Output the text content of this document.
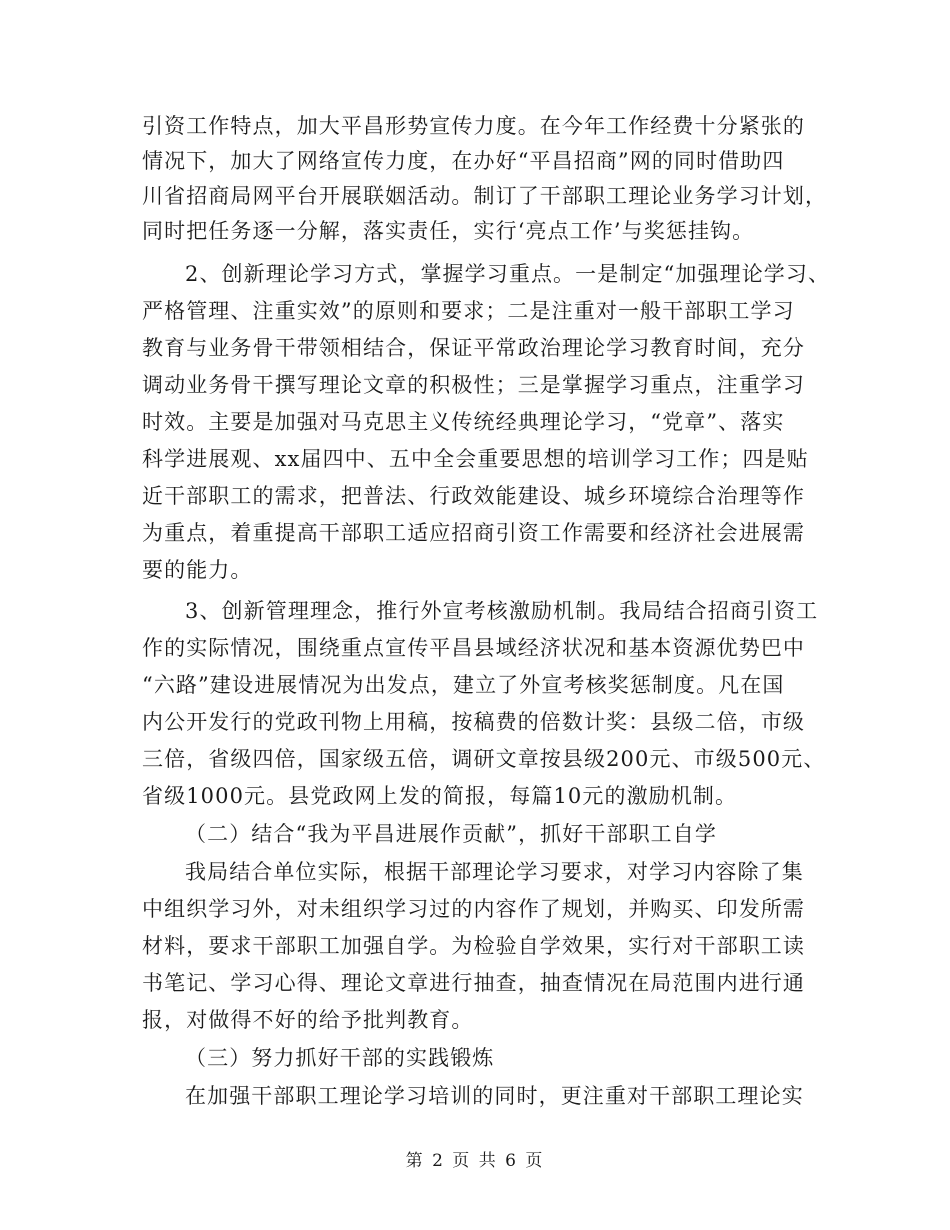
引资工作特点，加大平昌形势宣传力度。在今年工作经费十分紧张的
情况下，加大了网络宣传力度，在办好“平昌招商”网的同时借助四
川省招商局网平台开展联姻活动。制订了干部职工理论业务学习计划，
同时把任务逐一分解，落实责任，实行‘亮点工作’与奖惩挂钩。
2、创新理论学习方式，掌握学习重点。一是制定“加强理论学习、
严格管理、注重实效”的原则和要求；二是注重对一般干部职工学习
教育与业务骨干带领相结合，保证平常政治理论学习教育时间，充分
调动业务骨干撰写理论文章的积极性；三是掌握学习重点，注重学习
时效。主要是加强对马克思主义传统经典理论学习，“党章”、落实
科学进展观、xx届四中、五中全会重要思想的培训学习工作；四是贴
近干部职工的需求，把普法、行政效能建设、城乡环境综合治理等作
为重点，着重提高干部职工适应招商引资工作需要和经济社会进展需
要的能力。
3、创新管理理念，推行外宣考核激励机制。我局结合招商引资工
作的实际情况，围绕重点宣传平昌县域经济状况和基本资源优势巴中
“六路”建设进展情况为出发点，建立了外宣考核奖惩制度。凡在国
内公开发行的党政刊物上用稿，按稿费的倍数计奖：县级二倍，市级
三倍，省级四倍，国家级五倍，调研文章按县级200元、市级500元、
省级1000元。县党政网上发的简报，每篇10元的激励机制。
（二）结合“我为平昌进展作贡献”，抓好干部职工自学
我局结合单位实际，根据干部理论学习要求，对学习内容除了集
中组织学习外，对未组织学习过的内容作了规划，并购买、印发所需
材料，要求干部职工加强自学。为检验自学效果，实行对干部职工读
书笔记、学习心得、理论文章进行抽查，抽查情况在局范围内进行通
报，对做得不好的给予批判教育。
（三）努力抓好干部的实践锻炼
在加强干部职工理论学习培训的同时，更注重对干部职工理论实
第 2 页 共 6 页
